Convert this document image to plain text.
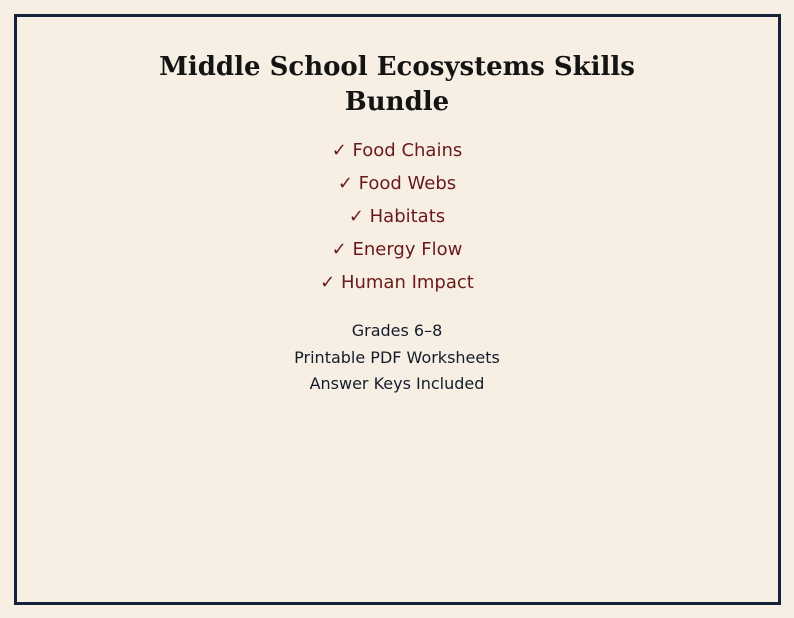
Middle School Ecosystems Skills
Bundle
✓ Food Chains
✓ Food Webs
✓ Habitats
✓ Energy Flow
✓ Human Impact
Grades 6–8
Printable PDF Worksheets
Answer Keys Included
